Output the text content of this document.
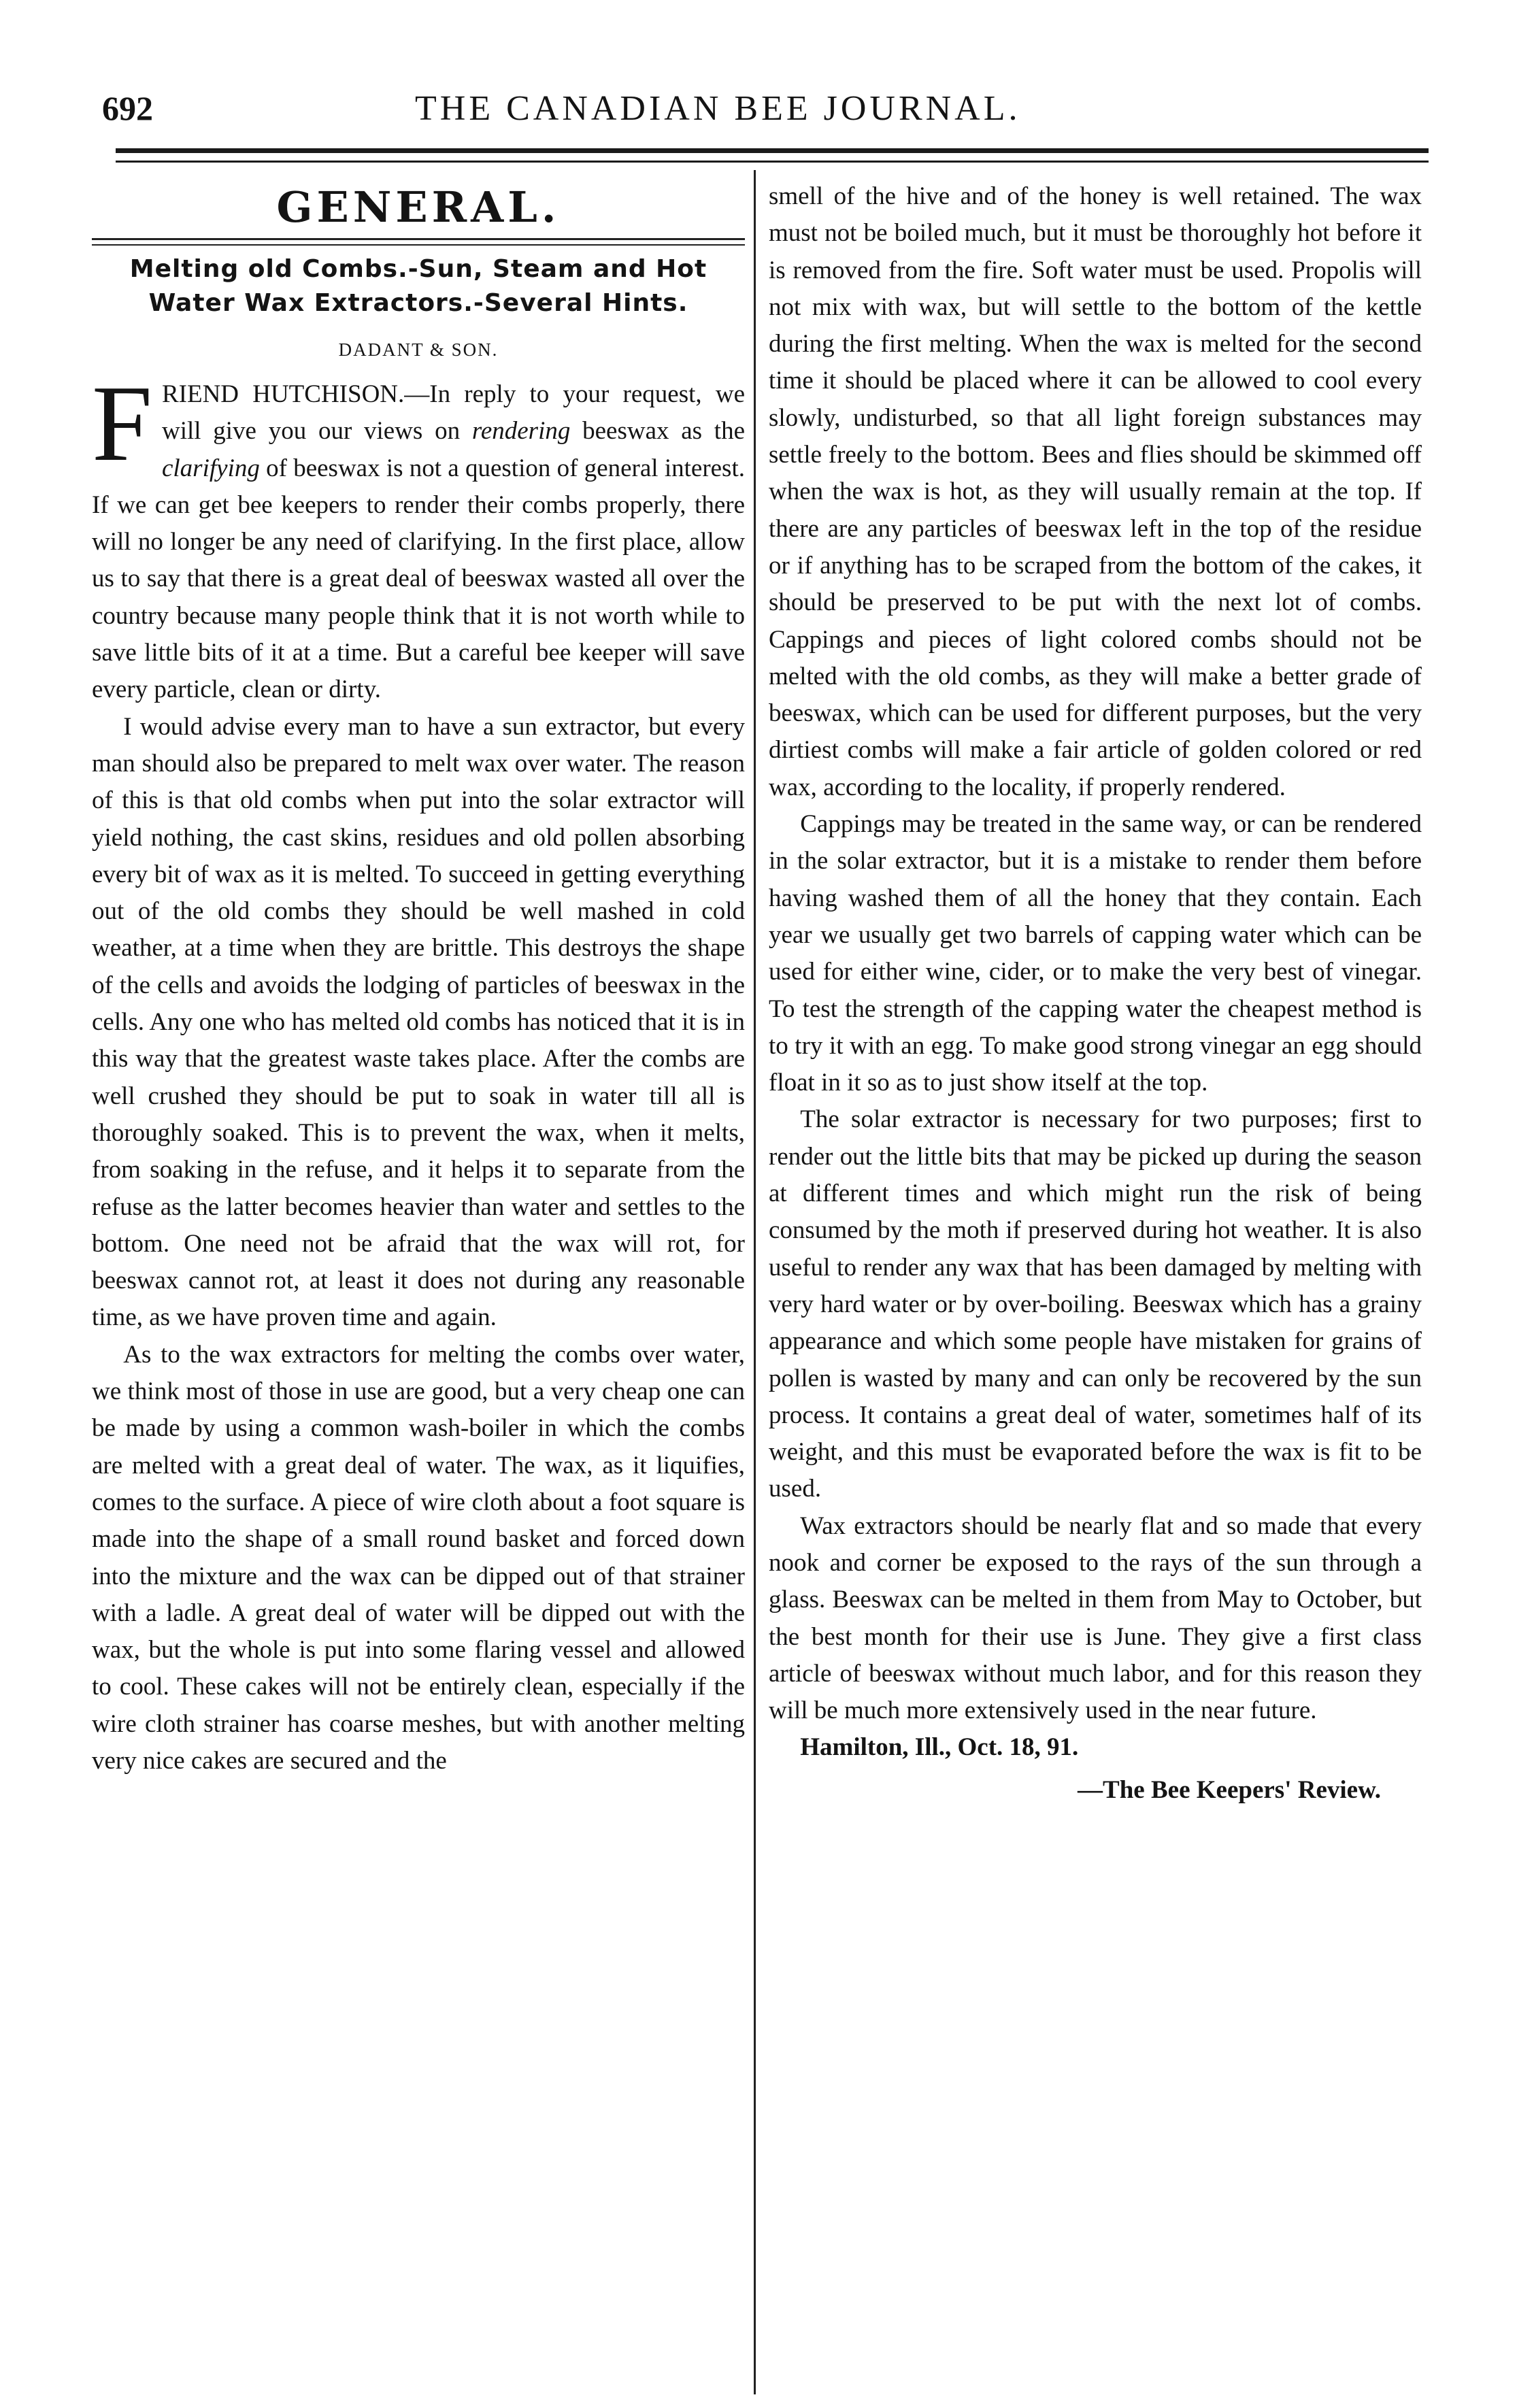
692	THE CANADIAN BEE JOURNAL.
GENERAL.
Melting old Combs.-Sun, Steam and Hot Water Wax Extractors.-Several Hints.
DADANT & SON.

FRIEND HUTCHISON.—In reply to your request, we will give you our views on rendering beeswax as the clarifying of beeswax is not a question of general interest. If we can get bee keepers to render their combs properly, there will no longer be any need of clarifying. In the first place, allow us to say that there is a great deal of beeswax wasted all over the country because many people think that it is not worth while to save little bits of it at a time. But a careful bee keeper will save every particle, clean or dirty.

I would advise every man to have a sun extractor, but every man should also be prepared to melt wax over water. The reason of this is that old combs when put into the solar extractor will yield nothing, the cast skins, residues and old pollen absorbing every bit of wax as it is melted. To succeed in getting everything out of the old combs they should be well mashed in cold weather, at a time when they are brittle. This destroys the shape of the cells and avoids the lodging of particles of beeswax in the cells. Any one who has melted old combs has noticed that it is in this way that the greatest waste takes place. After the combs are well crushed they should be put to soak in water till all is thoroughly soaked. This is to prevent the wax, when it melts, from soaking in the refuse, and it helps it to separate from the refuse as the latter becomes heavier than water and settles to the bottom. One need not be afraid that the wax will rot, for beeswax cannot rot, at least it does not during any reasonable time, as we have proven time and again.

As to the wax extractors for melting the combs over water, we think most of those in use are good, but a very cheap one can be made by using a common wash-boiler in which the combs are melted with a great deal of water. The wax, as it liquifies, comes to the surface. A piece of wire cloth about a foot square is made into the shape of a small round basket and forced down into the mixture and the wax can be dipped out of that strainer with a ladle. A great deal of water will be dipped out with the wax, but the whole is put into some flaring vessel and allowed to cool. These cakes will not be entirely clean, especially if the wire cloth strainer has coarse meshes, but with another melting very nice cakes are secured and the

smell of the hive and of the honey is well retained. The wax must not be boiled much, but it must be thoroughly hot before it is removed from the fire. Soft water must be used. Propolis will not mix with wax, but will settle to the bottom of the kettle during the first melting. When the wax is melted for the second time it should be placed where it can be allowed to cool every slowly, undisturbed, so that all light foreign substances may settle freely to the bottom. Bees and flies should be skimmed off when the wax is hot, as they will usually remain at the top. If there are any particles of beeswax left in the top of the residue or if anything has to be scraped from the bottom of the cakes, it should be preserved to be put with the next lot of combs. Cappings and pieces of light colored combs should not be melted with the old combs, as they will make a better grade of beeswax, which can be used for different purposes, but the very dirtiest combs will make a fair article of golden colored or red wax, according to the locality, if properly rendered.

Cappings may be treated in the same way, or can be rendered in the solar extractor, but it is a mistake to render them before having washed them of all the honey that they contain. Each year we usually get two barrels of capping water which can be used for either wine, cider, or to make the very best of vinegar. To test the strength of the capping water the cheapest method is to try it with an egg. To make good strong vinegar an egg should float in it so as to just show itself at the top.

The solar extractor is necessary for two purposes; first to render out the little bits that may be picked up during the season at different times and which might run the risk of being consumed by the moth if preserved during hot weather. It is also useful to render any wax that has been damaged by melting with very hard water or by over-boiling. Beeswax which has a grainy appearance and which some people have mistaken for grains of pollen is wasted by many and can only be recovered by the sun process. It contains a great deal of water, sometimes half of its weight, and this must be evaporated before the wax is fit to be used.

Wax extractors should be nearly flat and so made that every nook and corner be exposed to the rays of the sun through a glass. Beeswax can be melted in them from May to October, but the best month for their use is June. They give a first class article of beeswax without much labor, and for this reason they will be much more extensively used in the near future.

Hamilton, Ill., Oct. 18, 91.

—The Bee Keepers' Review.
